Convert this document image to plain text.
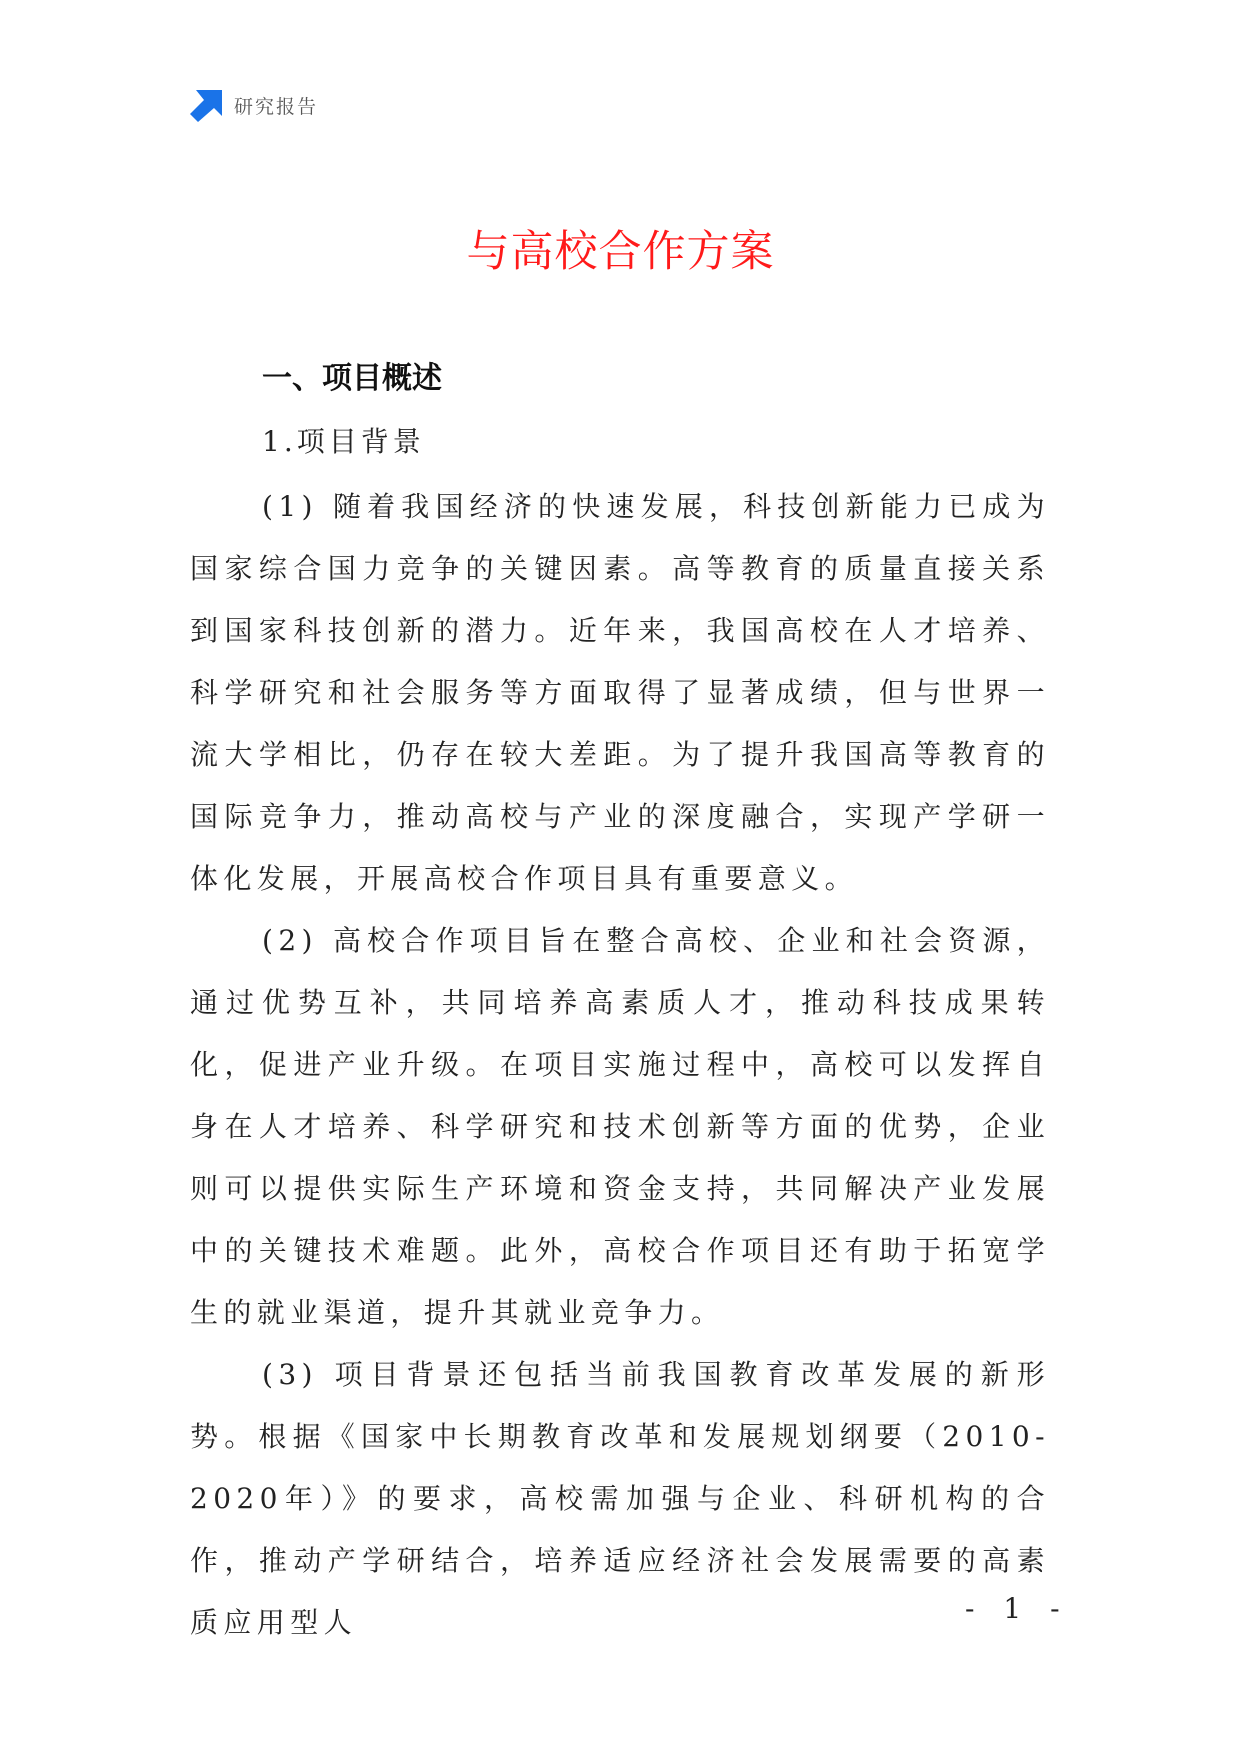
研究报告
与高校合作方案
一、项目概述
1.项目背景

(1) 随着我国经济的快速发展，科技创新能力已成为国家综合国力竞争的关键因素。高等教育的质量直接关系到国家科技创新的潜力。近年来，我国高校在人才培养、科学研究和社会服务等方面取得了显著成绩，但与世界一流大学相比，仍存在较大差距。为了提升我国高等教育的国际竞争力，推动高校与产业的深度融合，实现产学研一体化发展，开展高校合作项目具有重要意义。

(2) 高校合作项目旨在整合高校、企业和社会资源，通过优势互补，共同培养高素质人才，推动科技成果转化，促进产业升级。在项目实施过程中，高校可以发挥自身在人才培养、科学研究和技术创新等方面的优势，企业则可以提供实际生产环境和资金支持，共同解决产业发展中的关键技术难题。此外，高校合作项目还有助于拓宽学生的就业渠道，提升其就业竞争力。

(3) 项目背景还包括当前我国教育改革发展的新形势。根据《国家中长期教育改革和发展规划纲要（2010-2020年）》的要求，高校需加强与企业、科研机构的合作，推动产学研结合，培养适应经济社会发展需要的高素质应用型人	- 1 -
